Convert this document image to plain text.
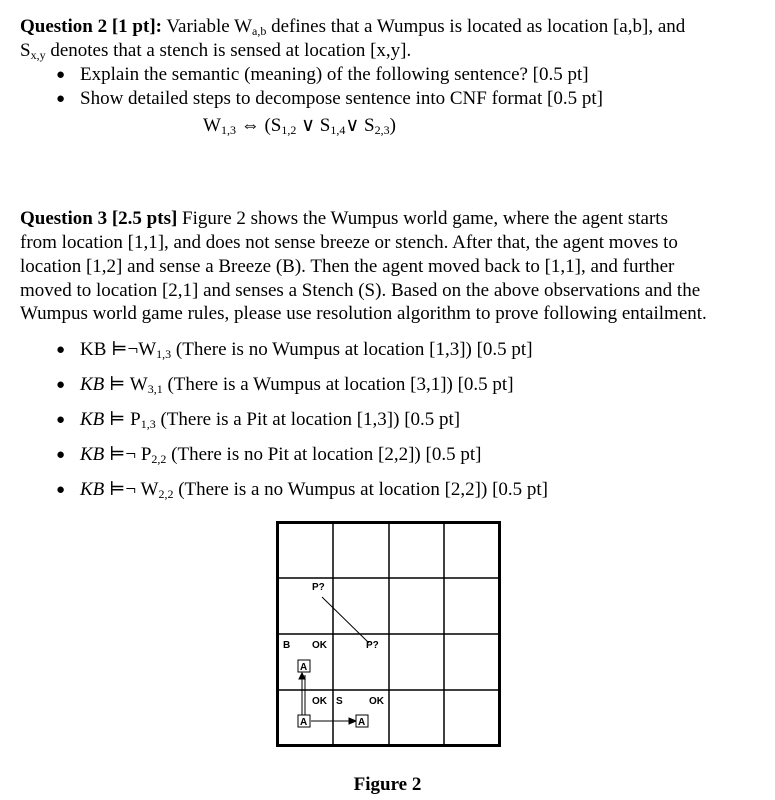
Question 2 [1 pt]: Variable $W_{a,b}$ defines that a Wumpus is located as location [a,b], and
$S_{x,y}$ denotes that a stench is sensed at location [x,y].
● Explain the semantic (meaning) of the following sentence? [0.5 pt]
● Show detailed steps to decompose sentence into CNF format [0.5 pt]
$W_{1,3}$ ⇔ ($S_{1,2}$ ∨ $S_{1,4}\vee$ $S_{2,3}$)
Question 3 [2.5 pts] Figure 2 shows the Wumpus world game, where the agent starts
from location [1,1], and does not sense breeze or stench. After that, the agent moves to
location [1,2] and sense a Breeze (B). Then the agent moved back to [1,1], and further
moved to location [2,1] and senses a Stench (S). Based on the above observations and the
Wumpus world game rules, please use resolution algorithm to prove following entailment.
● KB $⊨\neg W_{1,3}$ (There is no Wumpus at location [1,3]) [0.5 pt]
● KB ⊨ $W_{3,1}$ (There is a Wumpus at location [3,1]) [0.5 pt]
● KB ⊨ $P_{1,3}$ (There is a Pit at location [1,3]) [0.5 pt]
● KB ⊨¬ $P_{2,2}$ (There is no Pit at location [2,2]) [0.5 pt]
● KB ⊨¬ $W_{2,2}$ (There is a no Wumpus at location [2,2]) [0.5 pt]
P?
P?
B OK
A
OK S	OK
A	A
Figure 2
